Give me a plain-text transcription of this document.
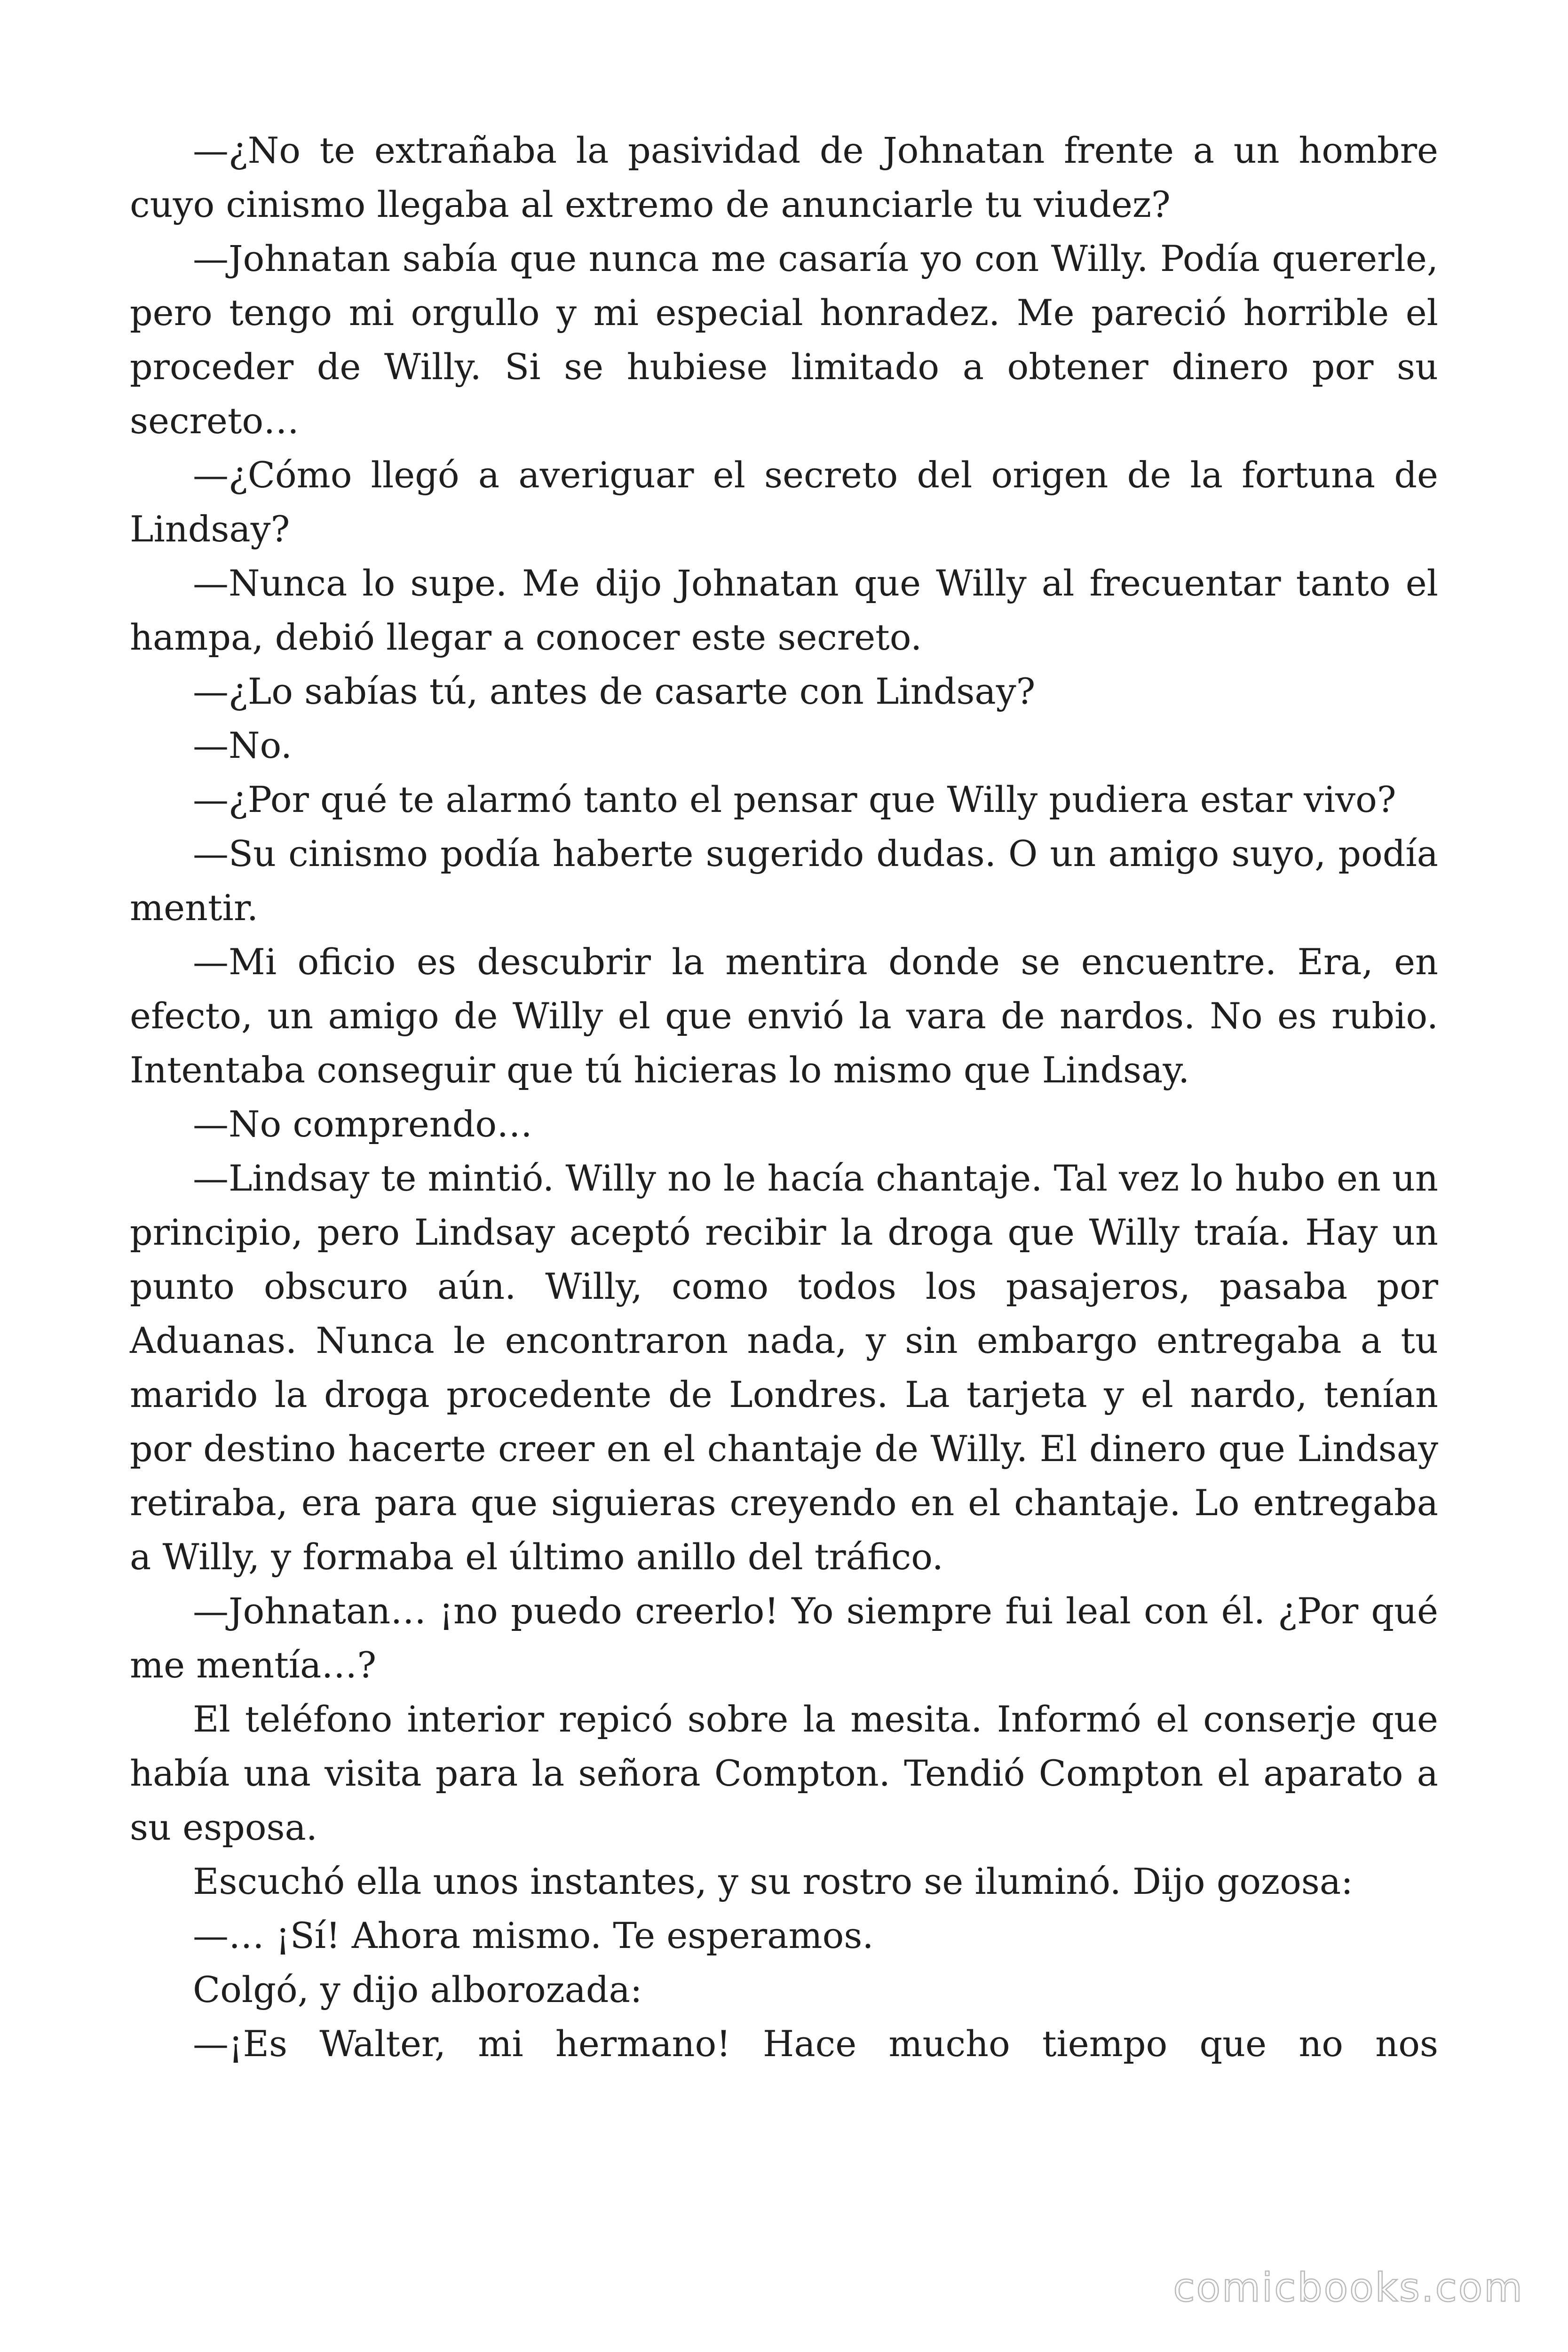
—¿No te extrañaba la pasividad de Johnatan frente a un hombre cuyo cinismo llegaba al extremo de anunciarle tu viudez?

—Johnatan sabía que nunca me casaría yo con Willy. Podía quererle, pero tengo mi orgullo y mi especial honradez. Me pareció horrible el proceder de Willy. Si se hubiese limitado a obtener dinero por su secreto…

—¿Cómo llegó a averiguar el secreto del origen de la fortuna de Lindsay?

—Nunca lo supe. Me dijo Johnatan que Willy al frecuentar tanto el hampa, debió llegar a conocer este secreto.

—¿Lo sabías tú, antes de casarte con Lindsay?

—No.

—¿Por qué te alarmó tanto el pensar que Willy pudiera estar vivo?

—Su cinismo podía haberte sugerido dudas. O un amigo suyo, podía mentir.

—Mi oficio es descubrir la mentira donde se encuentre. Era, en efecto, un amigo de Willy el que envió la vara de nardos. No es rubio. Intentaba conseguir que tú hicieras lo mismo que Lindsay.

—No comprendo…

—Lindsay te mintió. Willy no le hacía chantaje. Tal vez lo hubo en un principio, pero Lindsay aceptó recibir la droga que Willy traía. Hay un punto obscuro aún. Willy, como todos los pasajeros, pasaba por Aduanas. Nunca le encontraron nada, y sin embargo entregaba a tu marido la droga procedente de Londres. La tarjeta y el nardo, tenían por destino hacerte creer en el chantaje de Willy. El dinero que Lindsay retiraba, era para que siguieras creyendo en el chantaje. Lo entregaba a Willy, y formaba el último anillo del tráfico.

—Johnatan… ¡no puedo creerlo! Yo siempre fui leal con él. ¿Por qué me mentía…?

El teléfono interior repicó sobre la mesita. Informó el conserje que había una visita para la señora Compton. Tendió Compton el aparato a su esposa.

Escuchó ella unos instantes, y su rostro se iluminó. Dijo gozosa:

—… ¡Sí! Ahora mismo. Te esperamos.

Colgó, y dijo alborozada:

—¡Es Walter, mi hermano! Hace mucho tiempo que no nos

comicbooks.com
